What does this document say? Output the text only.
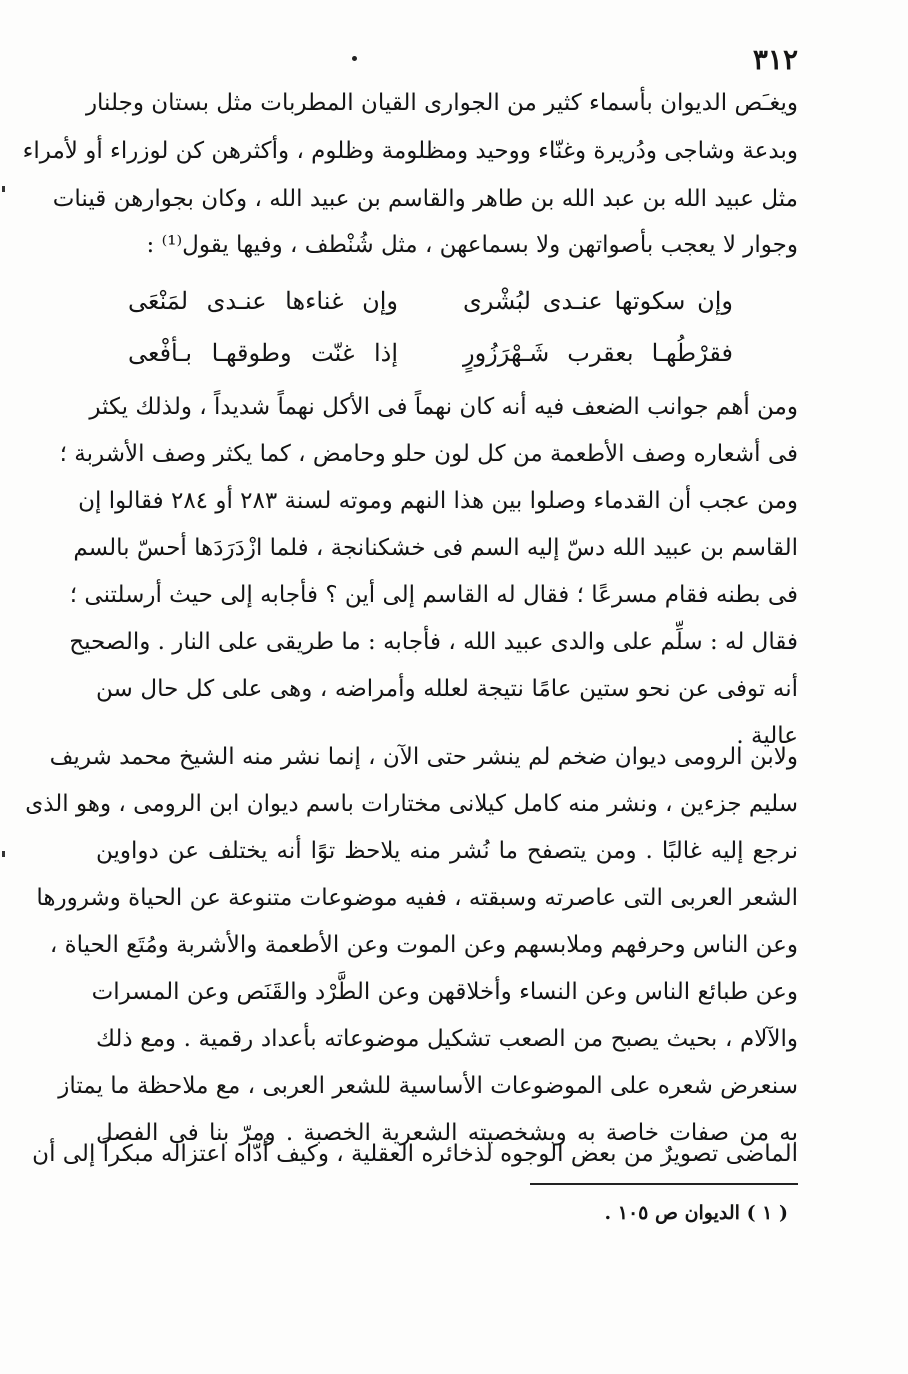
٣١٢
ويغـَص الديوان بأسماء كثير من الجوارى القيان المطربات مثل بستان وجلنار
وبدعة وشاجى ودُريرة وغنّاء ووحيد ومظلومة وظلوم ، وأكثرهن كن لوزراء أو لأمراء
مثل عبيد الله بن عبد الله بن طاهر والقاسم بن عبيد الله ، وكان بجوارهن قينات
وجوار لا يعجب بأصواتهن ولا بسماعهن ، مثل شُنْطف ، وفيها يقول⁽¹⁾ :
وإن سكوتها عنـدى لبُشْرى
وإن غناءها عنـدى لمَنْعَى
فقرْطُهـا بعقرب شَـهْرَزُورٍ
إذا غنّت وطوقهـا بـأفْعى
ومن أهم جوانب الضعف فيه أنه كان نهماً فى الأكل نهماً شديداً ، ولذلك يكثر
فى أشعاره وصف الأطعمة من كل لون حلو وحامض ، كما يكثر وصف الأشربة ؛
ومن عجب أن القدماء وصلوا بين هذا النهم وموته لسنة ٢٨٣ أو ٢٨٤ فقالوا إن
القاسم بن عبيد الله دسّ إليه السم فى خشكنانجة ، فلما ازْدَرَدَها أحسّ بالسم
فى بطنه فقام مسرعًا ؛ فقال له القاسم إلى أين ؟ فأجابه إلى حيث أرسلتنى ؛
فقال له : سلِّم على والدى عبيد الله ، فأجابه : ما طريقى على النار . والصحيح
أنه توفى عن نحو ستين عامًا نتيجة لعلله وأمراضه ، وهى على كل حال سن
عالية .
ولابن الرومى ديوان ضخم لم ينشر حتى الآن ، إنما نشر منه الشيخ محمد شريف
سليم جزءين ، ونشر منه كامل كيلانى مختارات باسم ديوان ابن الرومى ، وهو الذى
نرجع إليه غالبًا . ومن يتصفح ما نُشر منه يلاحظ توًا أنه يختلف عن دواوين
الشعر العربى التى عاصرته وسبقته ، ففيه موضوعات متنوعة عن الحياة وشرورها
وعن الناس وحرفهم وملابسهم وعن الموت وعن الأطعمة والأشربة ومُتَع الحياة ،
وعن طبائع الناس وعن النساء وأخلاقهن وعن الطَّرْد والقَنَص وعن المسرات
والآلام ، بحيث يصبح من الصعب تشكيل موضوعاته بأعداد رقمية . ومع ذلك
سنعرض شعره على الموضوعات الأساسية للشعر العربى ، مع ملاحظة ما يمتاز
به من صفات خاصة به وبشخصيته الشعرية الخصبة . ومرّ بنا فى الفصل
الماضى تصويرٌ من بعض الوجوه لذخائره العقلية ، وكيف أدّاه اعتزاله مبكراً إلى أن
( ١ ) الديوان ص ١٠٥ .
